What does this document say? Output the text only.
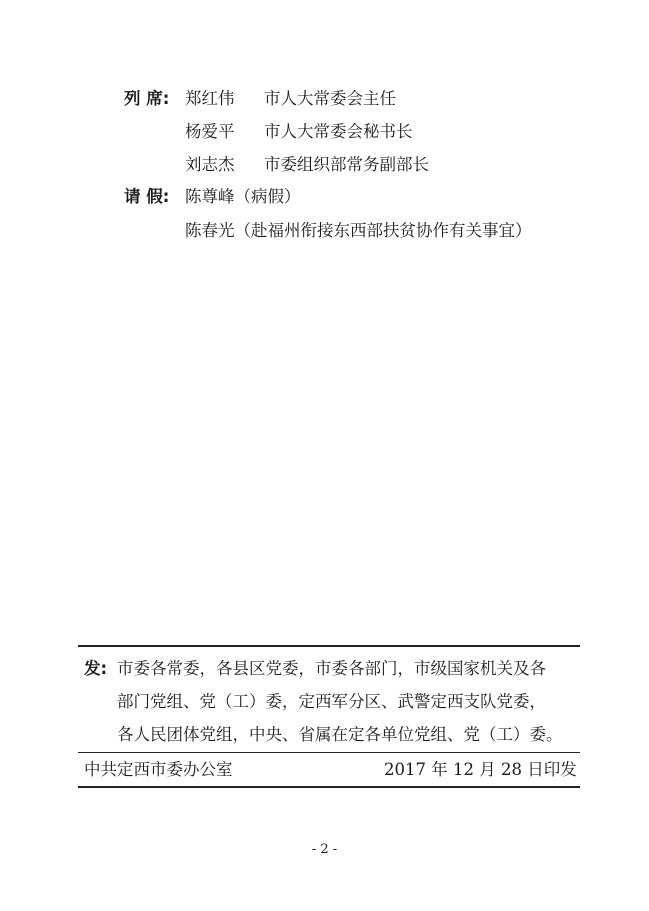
列 席: 郑红伟 市人大常委会主任
杨爱平 市人大常委会秘书长
刘志杰 市委组织部常务副部长
请 假: 陈尊峰（病假）
陈春光（赴福州衔接东西部扶贫协作有关事宜）
发: 市委各常委，各县区党委，市委各部门，市级国家机关及各
部门党组、党（工）委，定西军分区、武警定西支队党委，
各人民团体党组，中央、省属在定各单位党组、党（工）委。
中共定西市委办公室	2017 年 12 月 28 日印发
- 2 -
